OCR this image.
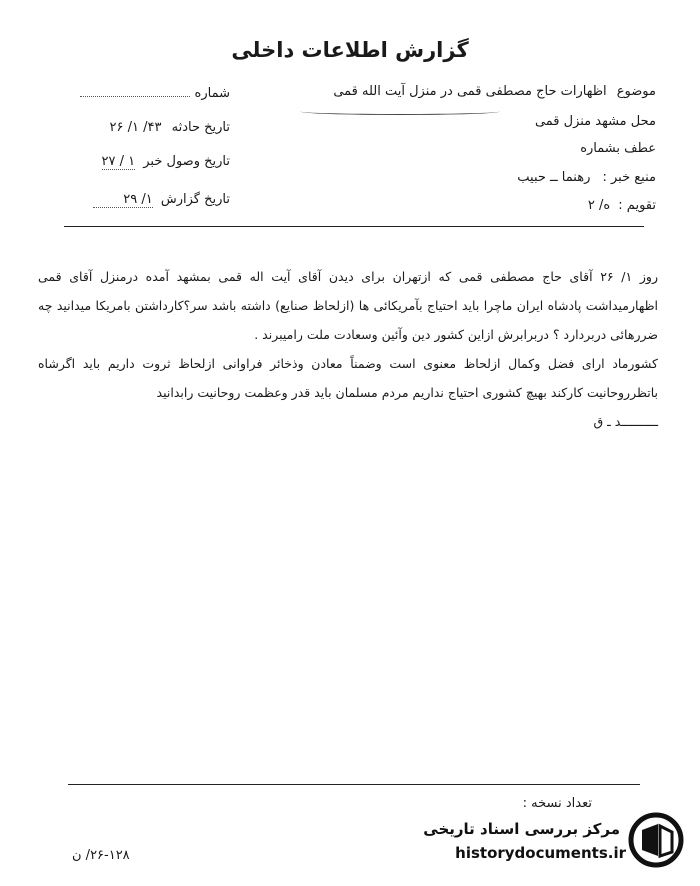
گزارش اطلاعات داخلی
موضوع اظهارات حاج مصطفی قمی در منزل آیت الله قمی
محل مشهد منزل قمی
عطف بشماره
منبع خبر : رهنما ــ حبیب
تقویم : ه/ ۲
شماره
تاریخ حادثه ۴۳/ ۱/ ۲۶
تاریخ وصول خبر ۱ / ۲۷
تاریخ گزارش ۱/ ۲۹

روز ۱/ ۲۶ آقای حاج مصطفی قمی که ازتهران برای دیدن آقای آیت اله قمی بمشهد آمده درمنزل آقای قمی اظهارمیداشت پادشاه ایران ماچرا باید احتیاج بآمریکائی ها (ازلحاظ صنایع) داشته باشد سر؟کارداشتن بامریکا میدانید چه ضررهائی دربردارد ؟ دربرابرش ازاین کشور دین وآئین وسعادت ملت رامیبرند .

کشورماد ارای فضل وکمال ازلحاظ معنوی است وضمناً معادن وذخائر فراوانی ازلحاظ ثروت داریم باید اگرشاه باتظرروحانیت کارکند بهیچ کشوری احتیاج نداریم مردم مسلمان باید قدر وعظمت روحانیت رابدانید

ــــــــــد ـ ق

تعداد نسخه :
۲۶-۱۲۸/ ن
مرکز بررسی اسناد تاریخی
historydocuments.ir
